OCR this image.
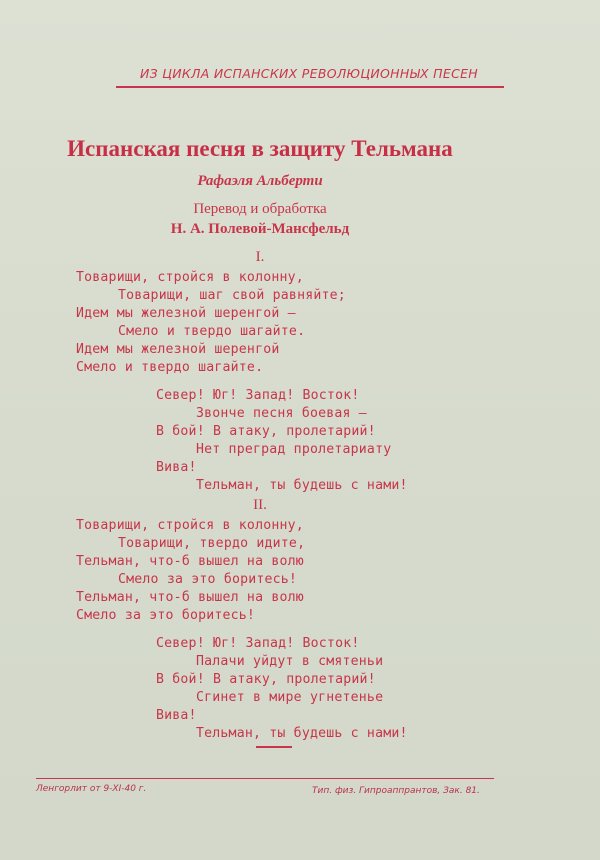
ИЗ ЦИКЛА ИСПАНСКИХ РЕВОЛЮЦИОННЫХ ПЕСЕН
Испанская песня в защиту Тельмана
Рафаэля Альберти
Перевод и обработка
Н. А. Полевой-Мансфельд
I.
Товарищи, стройся в колонну,
Товарищи, шаг свой равняйте;
Идем мы железной шеренгой —
Смело и твердо шагайте.
Идем мы железной шеренгой
Смело и твердо шагайте.
Север! Юг! Запад! Восток!
Звонче песня боевая —
В бой! В атаку, пролетарий!
Нет преград пролетариату
Вива!
Тельман, ты будешь с нами!
II.
Товарищи, стройся в колонну,
Товарищи, твердо идите,
Тельман, что-б вышел на волю
Смело за это боритесь!
Тельман, что-б вышел на волю
Смело за это боритесь!
Север! Юг! Запад! Восток!
Палачи уйдут в смятеньи
В бой! В атаку, пролетарий!
Сгинет в мире угнетенье
Вива!
Тельман, ты будешь с нами!
Ленгорлит от 9-XI-40 г.	Тип. физ. Гипроаппрантов, Зак. 81.
